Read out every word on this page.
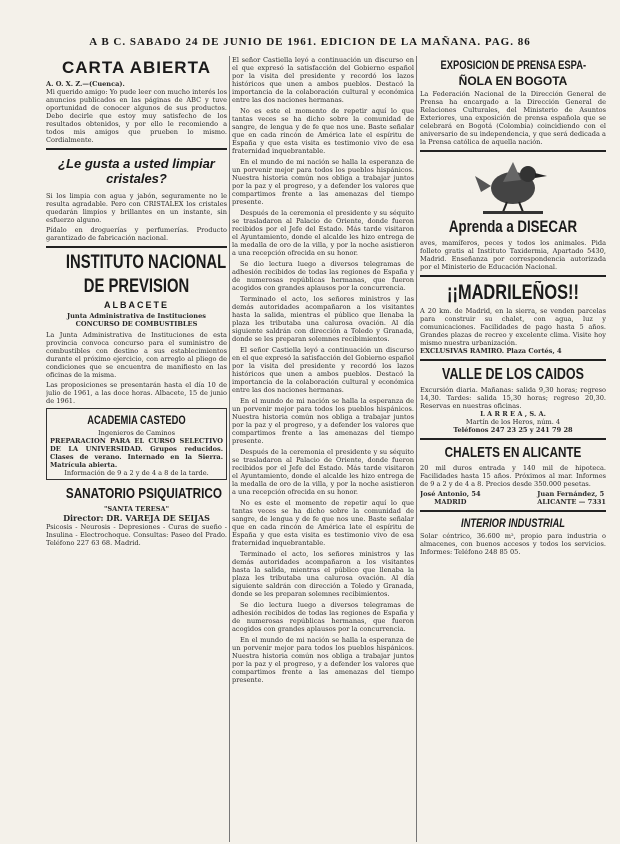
A B C. SABADO 24 DE JUNIO DE 1961. EDICION DE LA MAÑANA. PAG. 86
CARTA ABIERTA

A. O. X. Z.—(Cuenca).

Mi querido amigo: Yo pude leer con mucho interés los anuncios publicados en las páginas de ABC y tuve oportunidad de conocer algunos de sus productos. Debo decirle que estoy muy satisfecho de los resultados obtenidos, y por ello le recomiendo a todos mis amigos que prueben lo mismo. Cordialmente.

¿Le gusta a usted limpiar cristales?

Si los limpia con agua y jabón, seguramente no le resulta agradable. Pero con CRISTALEX los cristales quedarán limpios y brillantes en un instante, sin esfuerzo alguno.

Pídalo en droguerías y perfumerías. Producto garantizado de fabricación nacional.

INSTITUTO NACIONAL
DE PREVISION
ALBACETE

Junta Administrativa de Instituciones

CONCURSO DE COMBUSTIBLES

La Junta Administrativa de Instituciones de esta provincia convoca concurso para el suministro de combustibles con destino a sus establecimientos durante el próximo ejercicio, con arreglo al pliego de condiciones que se encuentra de manifiesto en las oficinas de la misma.

Las proposiciones se presentarán hasta el día 10 de julio de 1961, a las doce horas. Albacete, 15 de junio de 1961.

ACADEMIA CASTEDO

Ingenieros de Caminos

PREPARACION PARA EL CURSO SELECTIVO DE LA UNIVERSIDAD. Grupos reducidos. Clases de verano. Internado en la Sierra. Matrícula abierta.

Información de 9 a 2 y de 4 a 8 de la tarde.

SANATORIO PSIQUIATRICO

"SANTA TERESA"

Director: DR. VAREJA DE SEIJAS

Psicosis - Neurosis - Depresiones - Curas de sueño - Insulina - Electrochoque. Consultas: Paseo del Prado. Teléfono 227 63 68. Madrid.

El señor Castiella leyó a continuación un discurso en el que expresó la satisfacción del Gobierno español por la visita del presidente y recordó los lazos históricos que unen a ambos pueblos. Destacó la importancia de la colaboración cultural y económica entre las dos naciones hermanas.

No es este el momento de repetir aquí lo que tantas veces se ha dicho sobre la comunidad de sangre, de lengua y de fe que nos une. Baste señalar que en cada rincón de América late el espíritu de España y que esta visita es testimonio vivo de esa fraternidad inquebrantable.

En el mundo de mi nación se halla la esperanza de un porvenir mejor para todos los pueblos hispánicos. Nuestra historia común nos obliga a trabajar juntos por la paz y el progreso, y a defender los valores que compartimos frente a las amenazas del tiempo presente.

Después de la ceremonia el presidente y su séquito se trasladaron al Palacio de Oriente, donde fueron recibidos por el Jefe del Estado. Más tarde visitaron el Ayuntamiento, donde el alcalde les hizo entrega de la medalla de oro de la villa, y por la noche asistieron a una recepción ofrecida en su honor.

Se dio lectura luego a diversos telegramas de adhesión recibidos de todas las regiones de España y de numerosas repúblicas hermanas, que fueron acogidos con grandes aplausos por la concurrencia.

Terminado el acto, los señores ministros y las demás autoridades acompañaron a los visitantes hasta la salida, mientras el público que llenaba la plaza les tributaba una calurosa ovación. Al día siguiente saldrán con dirección a Toledo y Granada, donde se les preparan solemnes recibimientos.

El señor Castiella leyó a continuación un discurso en el que expresó la satisfacción del Gobierno español por la visita del presidente y recordó los lazos históricos que unen a ambos pueblos. Destacó la importancia de la colaboración cultural y económica entre las dos naciones hermanas.

En el mundo de mi nación se halla la esperanza de un porvenir mejor para todos los pueblos hispánicos. Nuestra historia común nos obliga a trabajar juntos por la paz y el progreso, y a defender los valores que compartimos frente a las amenazas del tiempo presente.

Después de la ceremonia el presidente y su séquito se trasladaron al Palacio de Oriente, donde fueron recibidos por el Jefe del Estado. Más tarde visitaron el Ayuntamiento, donde el alcalde les hizo entrega de la medalla de oro de la villa, y por la noche asistieron a una recepción ofrecida en su honor.

No es este el momento de repetir aquí lo que tantas veces se ha dicho sobre la comunidad de sangre, de lengua y de fe que nos une. Baste señalar que en cada rincón de América late el espíritu de España y que esta visita es testimonio vivo de esa fraternidad inquebrantable.

Terminado el acto, los señores ministros y las demás autoridades acompañaron a los visitantes hasta la salida, mientras el público que llenaba la plaza les tributaba una calurosa ovación. Al día siguiente saldrán con dirección a Toledo y Granada, donde se les preparan solemnes recibimientos.

Se dio lectura luego a diversos telegramas de adhesión recibidos de todas las regiones de España y de numerosas repúblicas hermanas, que fueron acogidos con grandes aplausos por la concurrencia.

En el mundo de mi nación se halla la esperanza de un porvenir mejor para todos los pueblos hispánicos. Nuestra historia común nos obliga a trabajar juntos por la paz y el progreso, y a defender los valores que compartimos frente a las amenazas del tiempo presente.

EXPOSICION DE PRENSA ESPA-
ÑOLA EN BOGOTA

La Federación Nacional de la Dirección General de Prensa ha encargado a la Dirección General de Relaciones Culturales, del Ministerio de Asuntos Exteriores, una exposición de prensa española que se celebrará en Bogotá (Colombia) coincidiendo con el aniversario de su independencia, y que será dedicada a la Prensa católica de aquella nación.

Aprenda a DISECAR

aves, mamíferos, peces y todos los animales. Pida folleto gratis al Instituto Taxidermia, Apartado 5430, Madrid. Enseñanza por correspondencia autorizada por el Ministerio de Educación Nacional.

¡¡MADRILEÑOS!!

A 20 km. de Madrid, en la sierra, se venden parcelas para construir su chalet, con agua, luz y comunicaciones. Facilidades de pago hasta 5 años. Grandes plazas de recreo y excelente clima. Visite hoy mismo nuestra urbanización.

EXCLUSIVAS RAMIRO. Plaza Cortés, 4

VALLE DE LOS CAIDOS

Excursión diaria. Mañanas: salida 9,30 horas; regreso 14,30. Tardes: salida 15,30 horas; regreso 20,30. Reservas en nuestras oficinas.

L A R R E A , S. A.

Martín de los Heros, núm. 4

Teléfonos 247 23 25 y 241 79 28

CHALETS EN ALICANTE

20 mil duros entrada y 140 mil de hipoteca. Facilidades hasta 15 años. Próximos al mar. Informes de 9 a 2 y de 4 a 8. Precios desde 350.000 pesetas.

José Antonio, 54

MADRID

Juan Fernández, 5

ALICANTE — 7331

INTERIOR INDUSTRIAL

Solar céntrico, 36.600 m², propio para industria o almacenes, con buenos accesos y todos los servicios. Informes: Teléfono 248 85 05.
